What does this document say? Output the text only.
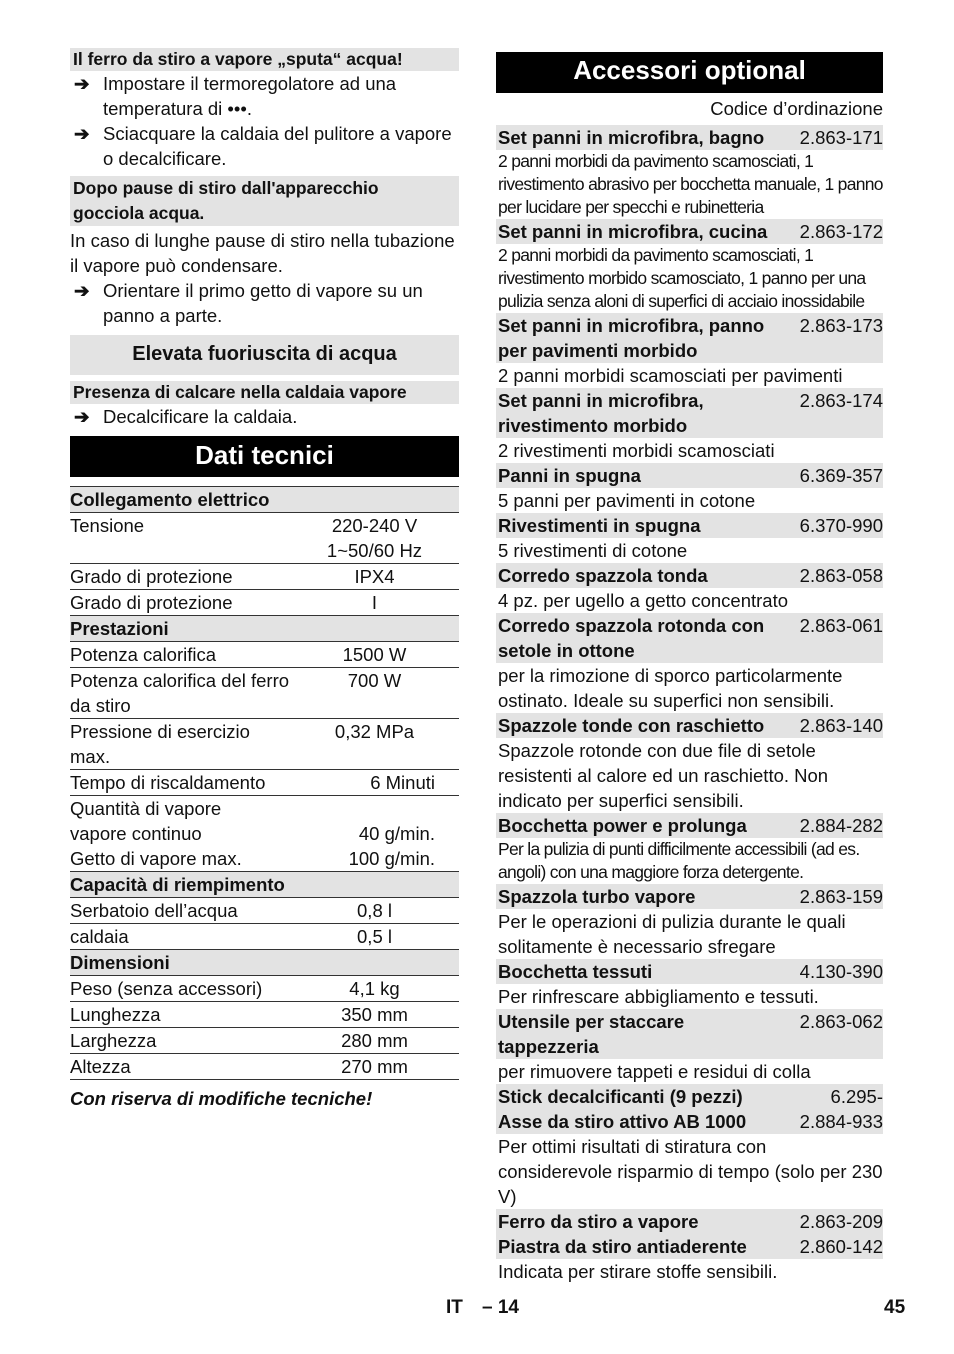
Il ferro da stiro a vapore „sputa“ acqua!
➔ Impostare il termoregolatore ad una temperatura di •••.
➔ Sciacquare la caldaia del pulitore a vapore o decalcificare.
Dopo pause di stiro dall'apparecchio gocciola acqua.
In caso di lunghe pause di stiro nella tubazione il vapore può condensare.
➔ Orientare il primo getto di vapore su un panno a parte.
Elevata fuoriuscita di acqua
Presenza di calcare nella caldaia vapore
➔ Decalcificare la caldaia.
Dati tecnici
Collegamento elettrico
Tensione	220-240 V
1~50/60 Hz
Grado di protezione	IPX4
Grado di protezione	I
Prestazioni
Potenza calorifica	1500 W
Potenza calorifica del ferro da stiro
700 W
Pressione di esercizio max.
0,32 MPa
Tempo di riscaldamento	6 Minuti
Quantità di vapore
vapore continuo	40 g/min.
Getto di vapore max.	100 g/min.
Capacità di riempimento
Serbatoio dell’acqua	0,8 l
caldaia	0,5 l
Dimensioni
Peso (senza accessori)	4,1 kg
Lunghezza	350 mm
Larghezza	280 mm
Altezza	270 mm
Con riserva di modifiche tecniche!
Accessori optional
Codice d’ordinazione
Set panni in microfibra, bagno	2.863-171
2 panni morbidi da pavimento scamosciati, 1 rivestimento abrasivo per bocchetta manuale, 1 panno per lucidare per specchi e rubinetteria
Set panni in microfibra, cucina	2.863-172
2 panni morbidi da pavimento scamosciati, 1 rivestimento morbido scamosciato, 1 panno per una pulizia senza aloni di superfici di acciaio inossidabile
Set panni in microfibra, panno per pavimenti morbido
2.863-173
2 panni morbidi scamosciati per pavimenti
Set panni in microfibra, rivestimento morbido
2.863-174
2 rivestimenti morbidi scamosciati
Panni in spugna	6.369-357
5 panni per pavimenti in cotone
Rivestimenti in spugna	6.370-990
5 rivestimenti di cotone
Corredo spazzola tonda	2.863-058
4 pz. per ugello a getto concentrato
Corredo spazzola rotonda con setole in ottone
2.863-061
per la rimozione di sporco particolarmente ostinato. Ideale su superfici non sensibili.
Spazzole tonde con raschietto	2.863-140
Spazzole rotonde con due file di setole resistenti al calore ed un raschietto. Non indicato per superfici sensibili.
Bocchetta power e prolunga	2.884-282
Per la pulizia di punti difficilmente accessibili (ad es. angoli) con una maggiore forza detergente.
Spazzola turbo vapore	2.863-159
Per le operazioni di pulizia durante le quali solitamente è necessario sfregare
Bocchetta tessuti	4.130-390
Per rinfrescare abbigliamento e tessuti.
Utensile per staccare tappezzeria
2.863-062
per rimuovere tappeti e residui di colla
Stick decalcificanti (9 pezzi)	6.295-
Asse da stiro attivo AB 1000	2.884-933
Per ottimi risultati di stiratura con considerevole risparmio di tempo (solo per 230 V)
Ferro da stiro a vapore	2.863-209
Piastra da stiro antiaderente	2.860-142
Indicata per stirare stoffe sensibili.
IT – 14	45
